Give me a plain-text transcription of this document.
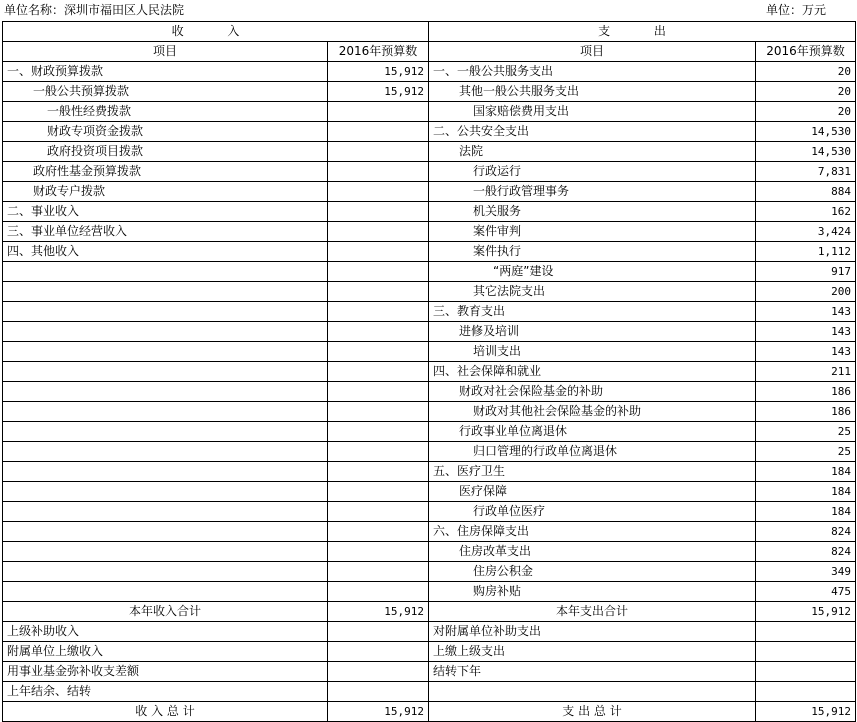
单位名称：深圳市福田区人民法院	单位：万元
收 入		支 出	
项目	2016年预算数	项目	2016年预算数
一、财政预算拨款	15,912	一、一般公共服务支出	20
一般公共预算拨款	15,912	其他一般公共服务支出	20
一般性经费拨款		国家赔偿费用支出	20
财政专项资金拨款		二、公共安全支出	14,530
政府投资项目拨款		法院	14,530
政府性基金预算拨款		行政运行	7,831
财政专户拨款		一般行政管理事务	884
二、事业收入		机关服务	162
三、事业单位经营收入		案件审判	3,424
四、其他收入		案件执行	1,112
		“两庭”建设	917
		其它法院支出	200
		三、教育支出	143
		进修及培训	143
		培训支出	143
		四、社会保障和就业	211
		财政对社会保险基金的补助	186
		财政对其他社会保险基金的补助	186
		行政事业单位离退休	25
		归口管理的行政单位离退休	25
		五、医疗卫生	184
		医疗保障	184
		行政单位医疗	184
		六、住房保障支出	824
		住房改革支出	824
		住房公积金	349
		购房补贴	475
本年收入合计	15,912	本年支出合计	15,912
上级补助收入		对附属单位补助支出	
附属单位上缴收入		上缴上级支出	
用事业基金弥补收支差额		结转下年	
上年结余、结转			
收 入 总 计	15,912	支 出 总 计	15,912
